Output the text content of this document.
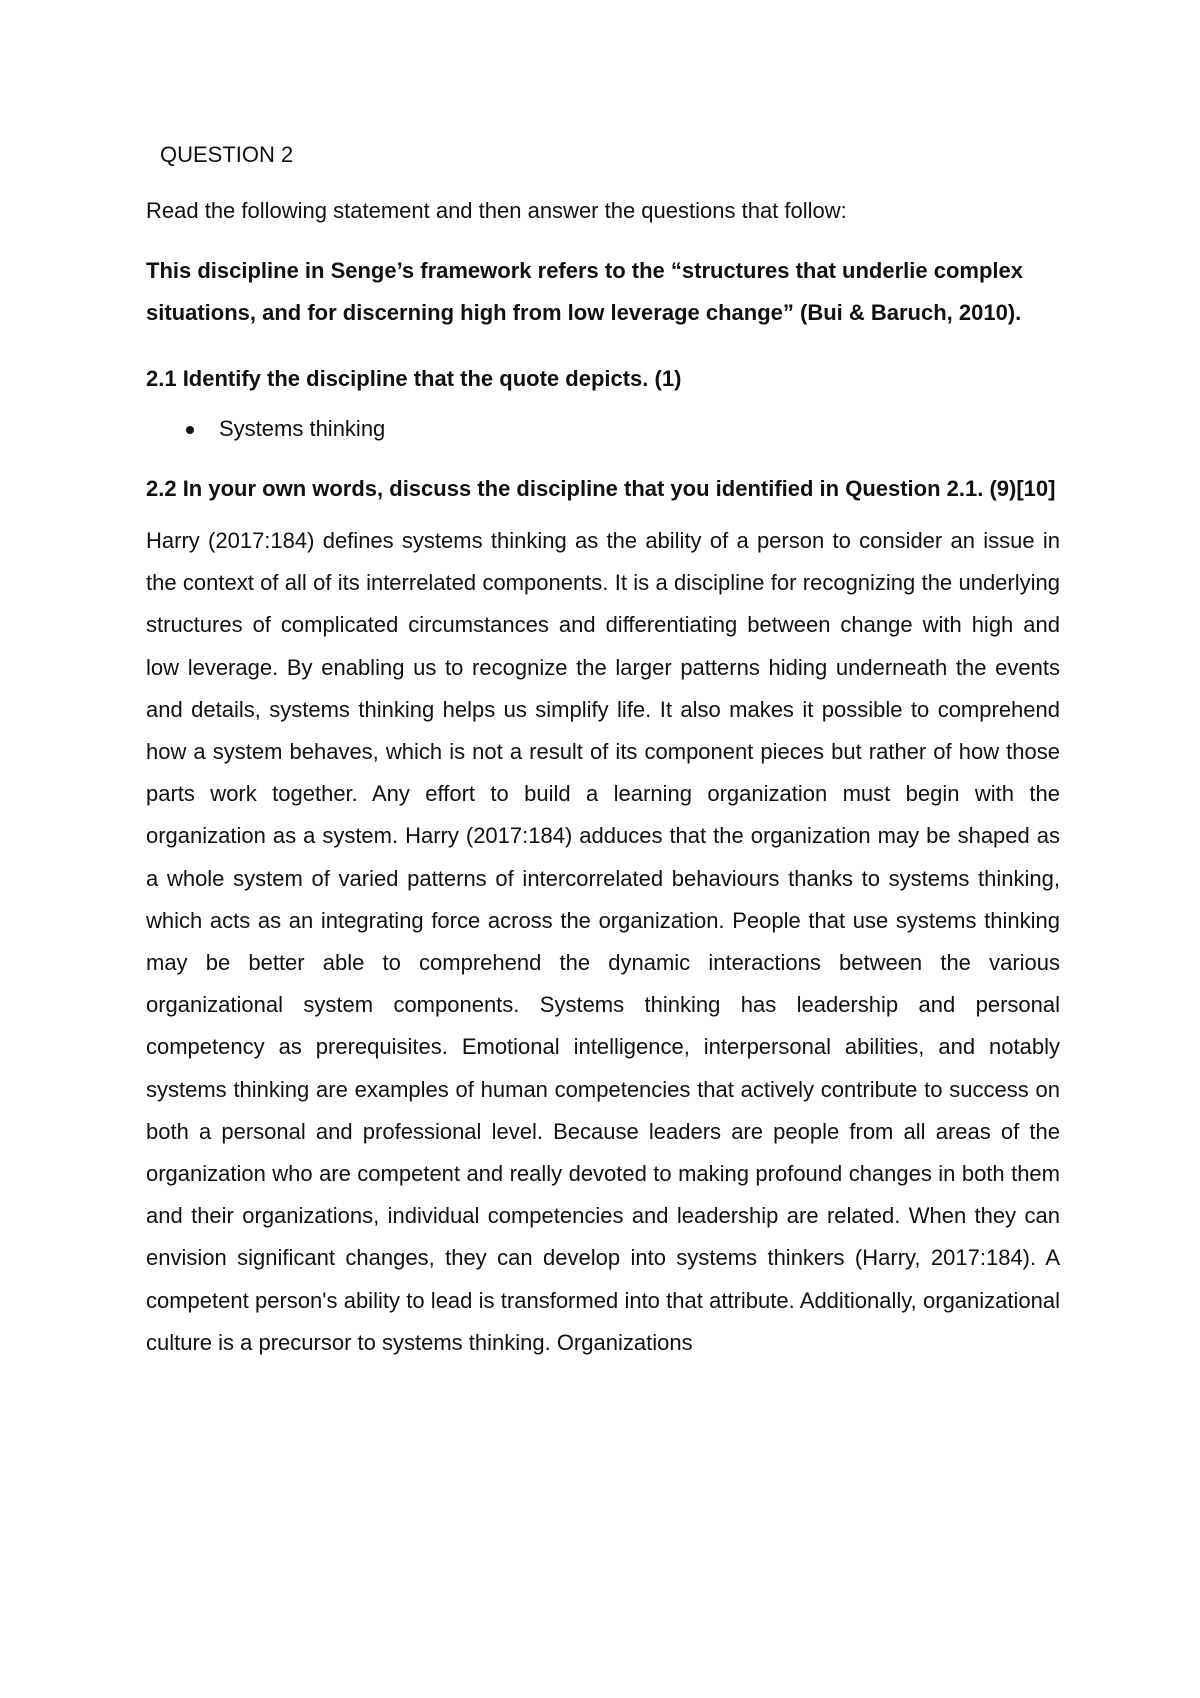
QUESTION 2

Read the following statement and then answer the questions that follow:

This discipline in Senge’s framework refers to the “structures that underlie complex situations, and for discerning high from low leverage change” (Bui & Baruch, 2010).

2.1 Identify the discipline that the quote depicts. (1)

Systems thinking

2.2 In your own words, discuss the discipline that you identified in Question 2.1. (9)[10]

Harry (2017:184) defines systems thinking as the ability of a person to consider an issue in the context of all of its interrelated components. It is a discipline for recognizing the underlying structures of complicated circumstances and differentiating between change with high and low leverage. By enabling us to recognize the larger patterns hiding underneath the events and details, systems thinking helps us simplify life. It also makes it possible to comprehend how a system behaves, which is not a result of its component pieces but rather of how those parts work together. Any effort to build a learning organization must begin with the organization as a system. Harry (2017:184) adduces that the organization may be shaped as a whole system of varied patterns of intercorrelated behaviours thanks to systems thinking, which acts as an integrating force across the organization. People that use systems thinking may be better able to comprehend the dynamic interactions between the various organizational system components. Systems thinking has leadership and personal competency as prerequisites. Emotional intelligence, interpersonal abilities, and notably systems thinking are examples of human competencies that actively contribute to success on both a personal and professional level. Because leaders are people from all areas of the organization who are competent and really devoted to making profound changes in both them and their organizations, individual competencies and leadership are related. When they can envision significant changes, they can develop into systems thinkers (Harry, 2017:184). A competent person's ability to lead is transformed into that attribute. Additionally, organizational culture is a precursor to systems thinking. Organizations
